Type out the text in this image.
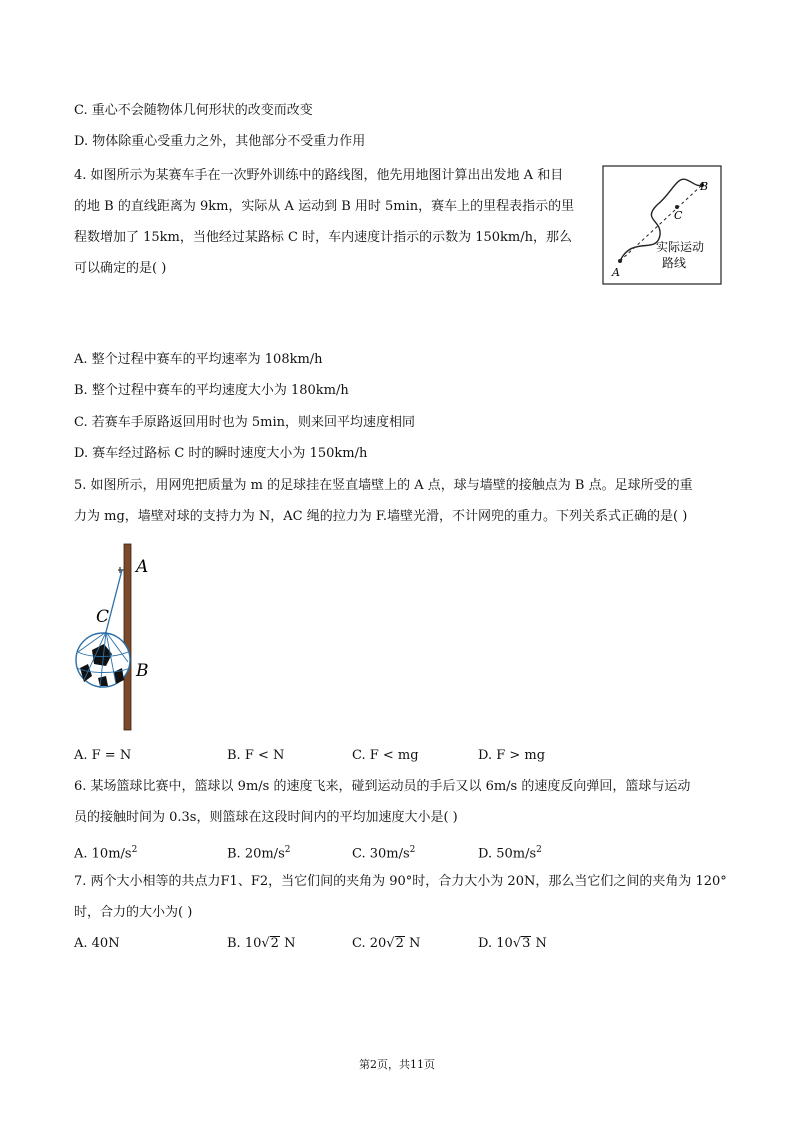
C. 重心不会随物体几何形状的改变而改变
D. 物体除重心受重力之外，其他部分不受重力作用
4. 如图所示为某赛车手在一次野外训练中的路线图，他先用地图计算出出发地 A 和目
的地 B 的直线距离为 9km，实际从 A 运动到 B 用时 5min，赛车上的里程表指示的里
程数增加了 15km，当他经过某路标 C 时，车内速度计指示的示数为 150km/h，那么
可以确定的是( )	A
B
C
实际运动
路线
A. 整个过程中赛车的平均速率为 108km/h
B. 整个过程中赛车的平均速度大小为 180km/h
C. 若赛车手原路返回用时也为 5min，则来回平均速度相同
D. 赛车经过路标 C 时的瞬时速度大小为 150km/h
5. 如图所示，用网兜把质量为 m 的足球挂在竖直墙壁上的 A 点，球与墙壁的接触点为 B 点。足球所受的重
力为 mg，墙壁对球的支持力为 N，AC 绳的拉力为 F.墙壁光滑，不计网兜的重力。下列关系式正确的是( )
A
C
B
A. F = N	B. F < N	C. F < mg	D. F > mg
6. 某场篮球比赛中，篮球以 9m/s 的速度飞来，碰到运动员的手后又以 6m/s 的速度反向弹回，篮球与运动
员的接触时间为 0.3s，则篮球在这段时间内的平均加速度大小是( )
A. $10m/s^2$	B. $20m/s^2$	C. $30m/s^2$	D. $50m/s^2$
7. 两个大小相等的共点力F1、F2，当它们间的夹角为 90°时，合力大小为 20N，那么当它们之间的夹角为 120°
时，合力的大小为( )
A. 40N	B. 10√2 N	C. 20√2 N	D. 10√3 N
第2页，共11页
